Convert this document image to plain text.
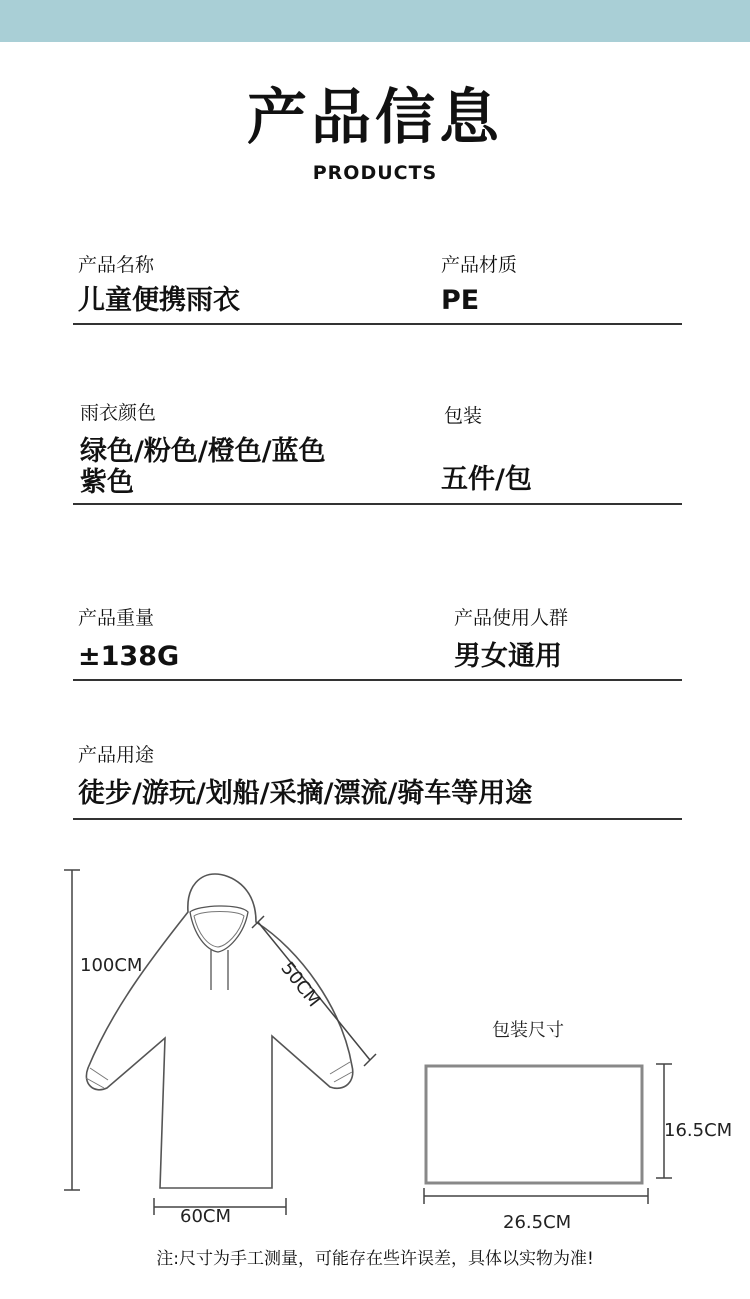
产品信息
PRODUCTS
产品名称
儿童便携雨衣
产品材质
PE
雨衣颜色
绿色/粉色/橙色/蓝色
紫色
包装
五件/包
产品重量
±138G
产品使用人群
男女通用
产品用途
徒步/游玩/划船/采摘/漂流/骑车等用途
100CM	50CM
60CM
包装尺寸
16.5CM
26.5CM
注:尺寸为手工测量，可能存在些许误差，具体以实物为准!
